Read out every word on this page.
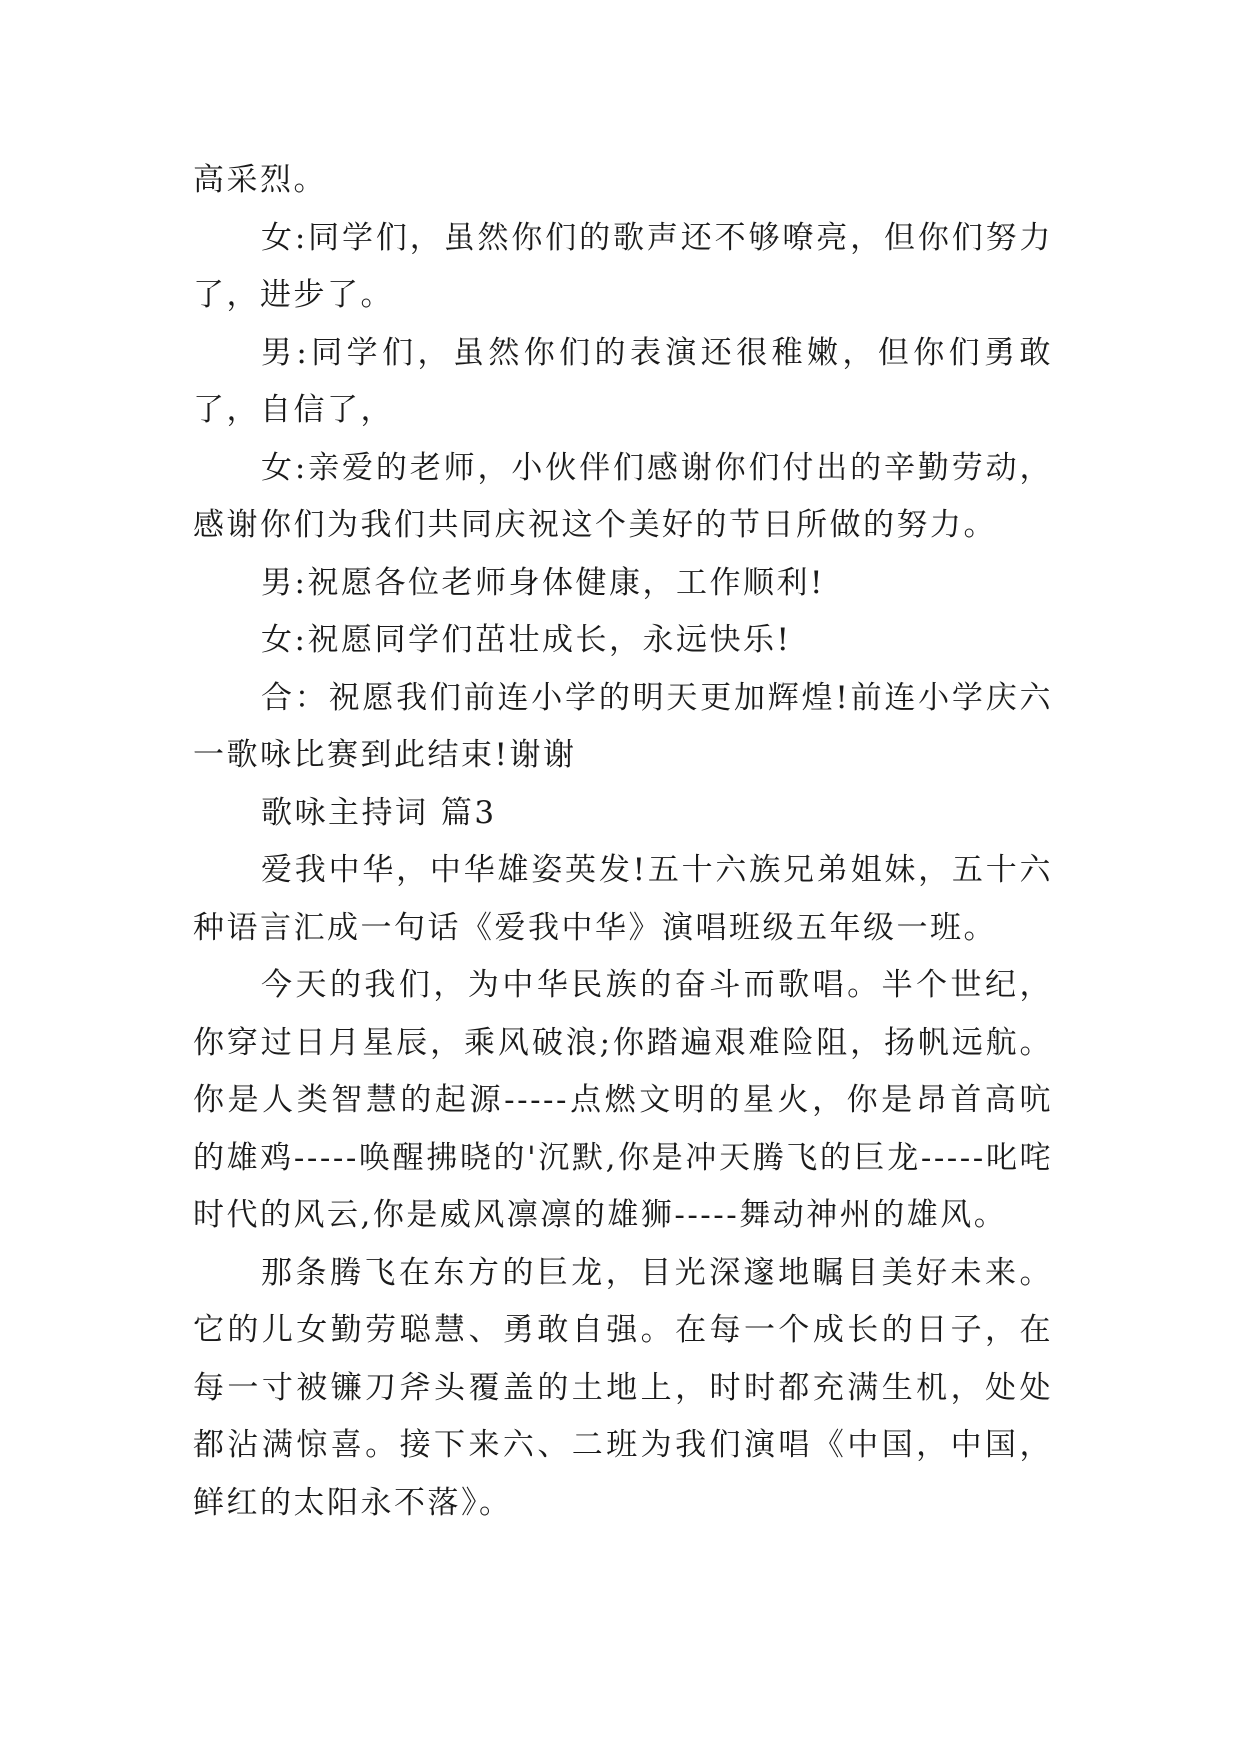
高采烈。

女:同学们，虽然你们的歌声还不够嘹亮，但你们努力了，进步了。

男:同学们，虽然你们的表演还很稚嫩，但你们勇敢了，自信了，

女:亲爱的老师，小伙伴们感谢你们付出的辛勤劳动，感谢你们为我们共同庆祝这个美好的节日所做的努力。

男:祝愿各位老师身体健康，工作顺利!

女:祝愿同学们茁壮成长，永远快乐!

合：祝愿我们前连小学的明天更加辉煌!前连小学庆六一歌咏比赛到此结束!谢谢

歌咏主持词 篇3

爱我中华，中华雄姿英发!五十六族兄弟姐妹，五十六种语言汇成一句话《爱我中华》演唱班级五年级一班。

今天的我们，为中华民族的奋斗而歌唱。半个世纪，你穿过日月星辰，乘风破浪;你踏遍艰难险阻，扬帆远航。你是人类智慧的起源-----点燃文明的星火，你是昂首高吭的雄鸡-----唤醒拂晓的'沉默,你是冲天腾飞的巨龙-----叱咤时代的风云,你是威风凛凛的雄狮-----舞动神州的雄风。

那条腾飞在东方的巨龙，目光深邃地瞩目美好未来。它的儿女勤劳聪慧、勇敢自强。在每一个成长的日子，在每一寸被镰刀斧头覆盖的土地上，时时都充满生机，处处都沾满惊喜。接下来六、二班为我们演唱《中国，中国，鲜红的太阳永不落》。
